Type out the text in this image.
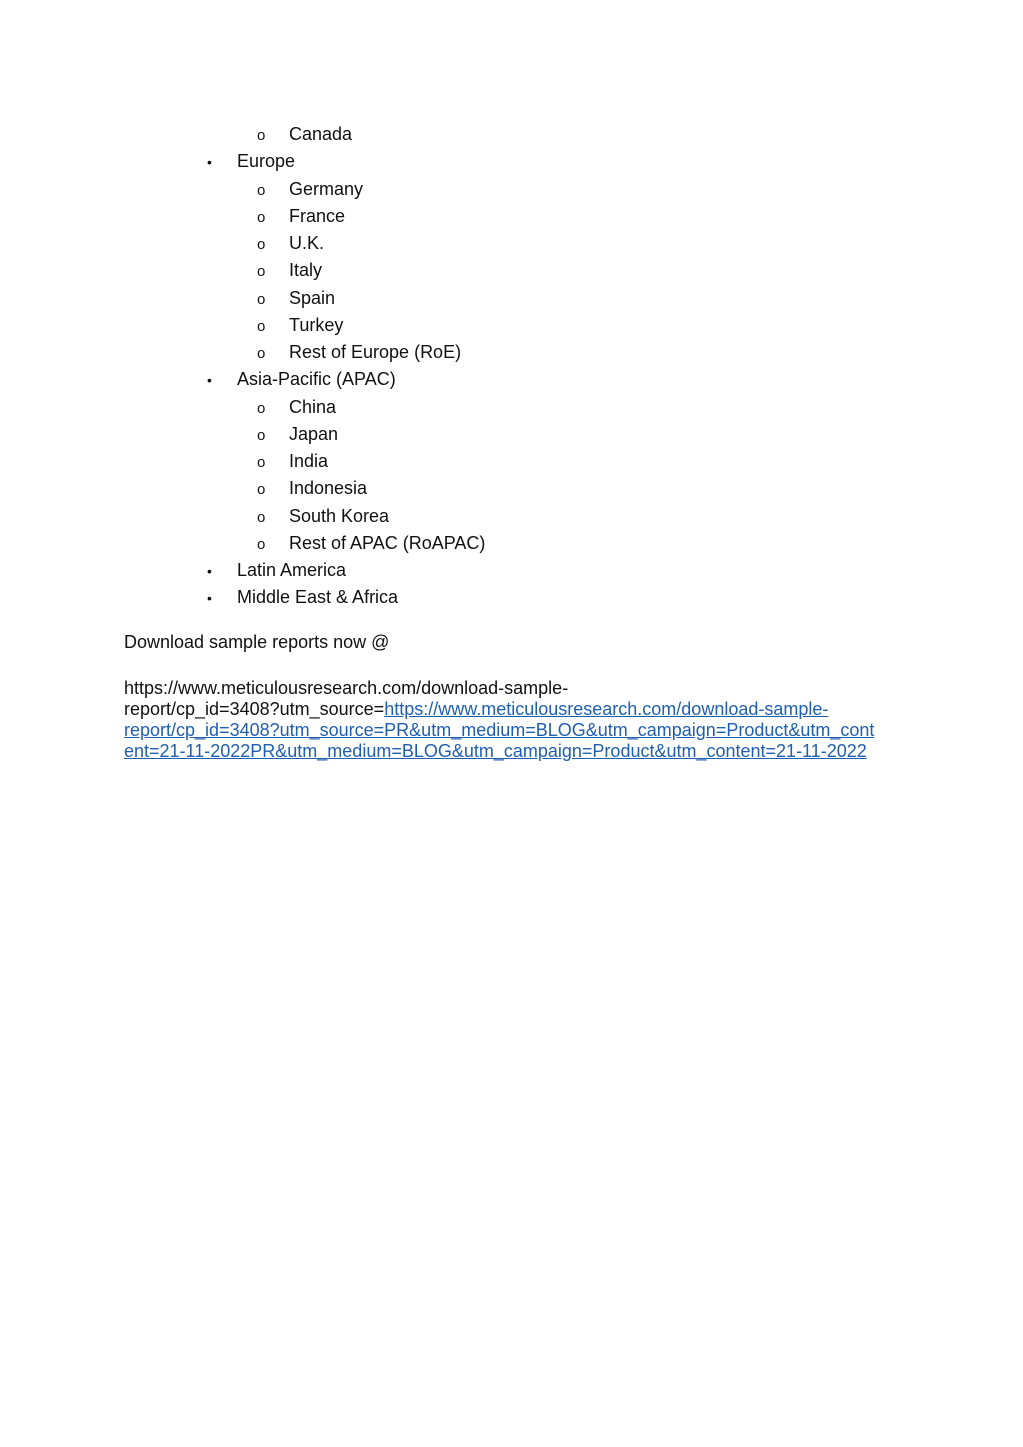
o Canada
• Europe
o Germany
o France
o U.K.
o Italy
o Spain
o Turkey
o Rest of Europe (RoE)
• Asia-Pacific (APAC)
o China
o Japan
o India
o Indonesia
o South Korea
o Rest of APAC (RoAPAC)
• Latin America
• Middle East & Africa
Download sample reports now @
https://www.meticulousresearch.com/download-sample-
report/cp_id=3408?utm_source=https://www.meticulousresearch.com/download-sample-
report/cp_id=3408?utm_source=PR&utm_medium=BLOG&utm_campaign=Product&utm_cont
ent=21-11-2022PR&utm_medium=BLOG&utm_campaign=Product&utm_content=21-11-2022
